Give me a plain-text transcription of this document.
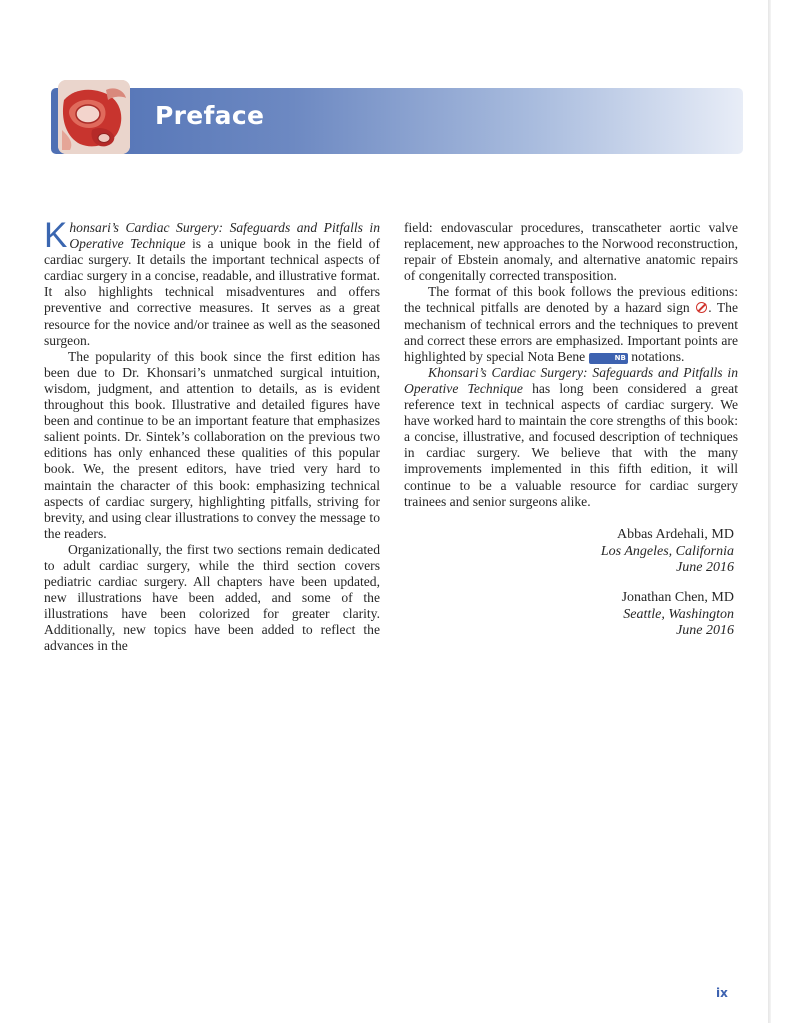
Preface

Khonsari’s Cardiac Surgery: Safeguards and Pitfalls in Operative Technique is a unique book in the field of cardiac surgery. It details the important technical aspects of cardiac surgery in a concise, readable, and illustrative format. It also highlights technical misadventures and offers preventive and corrective measures. It serves as a great resource for the novice and/or trainee as well as the seasoned surgeon.

The popularity of this book since the first edition has been due to Dr. Khonsari’s unmatched surgical intuition, wisdom, judgment, and attention to details, as is evident throughout this book. Illustrative and detailed figures have been and continue to be an important feature that emphasizes salient points. Dr. Sintek’s collaboration on the previous two editions has only enhanced these qualities of this popular book. We, the present editors, have tried very hard to maintain the character of this book: emphasizing technical aspects of cardiac surgery, highlighting pitfalls, striving for brevity, and using clear illustrations to convey the message to the readers.

Organizationally, the first two sections remain dedicated to adult cardiac surgery, while the third section covers pediatric cardiac surgery. All chapters have been updated, new illustrations have been added, and some of the illustrations have been colorized for greater clarity. Additionally, new topics have been added to reflect the advances in the

field: endovascular procedures, transcatheter aortic valve replacement, new approaches to the Norwood reconstruction, repair of Ebstein anomaly, and alternative anatomic repairs of congenitally corrected transposition.

The format of this book follows the previous editions: the technical pitfalls are denoted by a hazard sign . The mechanism of technical errors and the techniques to prevent and correct these errors are emphasized. Important points are highlighted by special Nota Bene	NB notations.

Khonsari’s Cardiac Surgery: Safeguards and Pitfalls in Operative Technique has long been considered a great reference text in technical aspects of cardiac surgery. We have worked hard to maintain the core strengths of this book: a concise, illustrative, and focused description of techniques in cardiac surgery. We believe that with the many improvements implemented in this fifth edition, it will continue to be a valuable resource for cardiac surgery trainees and senior surgeons alike.

Abbas Ardehali, MD
Los Angeles, California
June 2016
Jonathan Chen, MD
Seattle, Washington
June 2016
ix
